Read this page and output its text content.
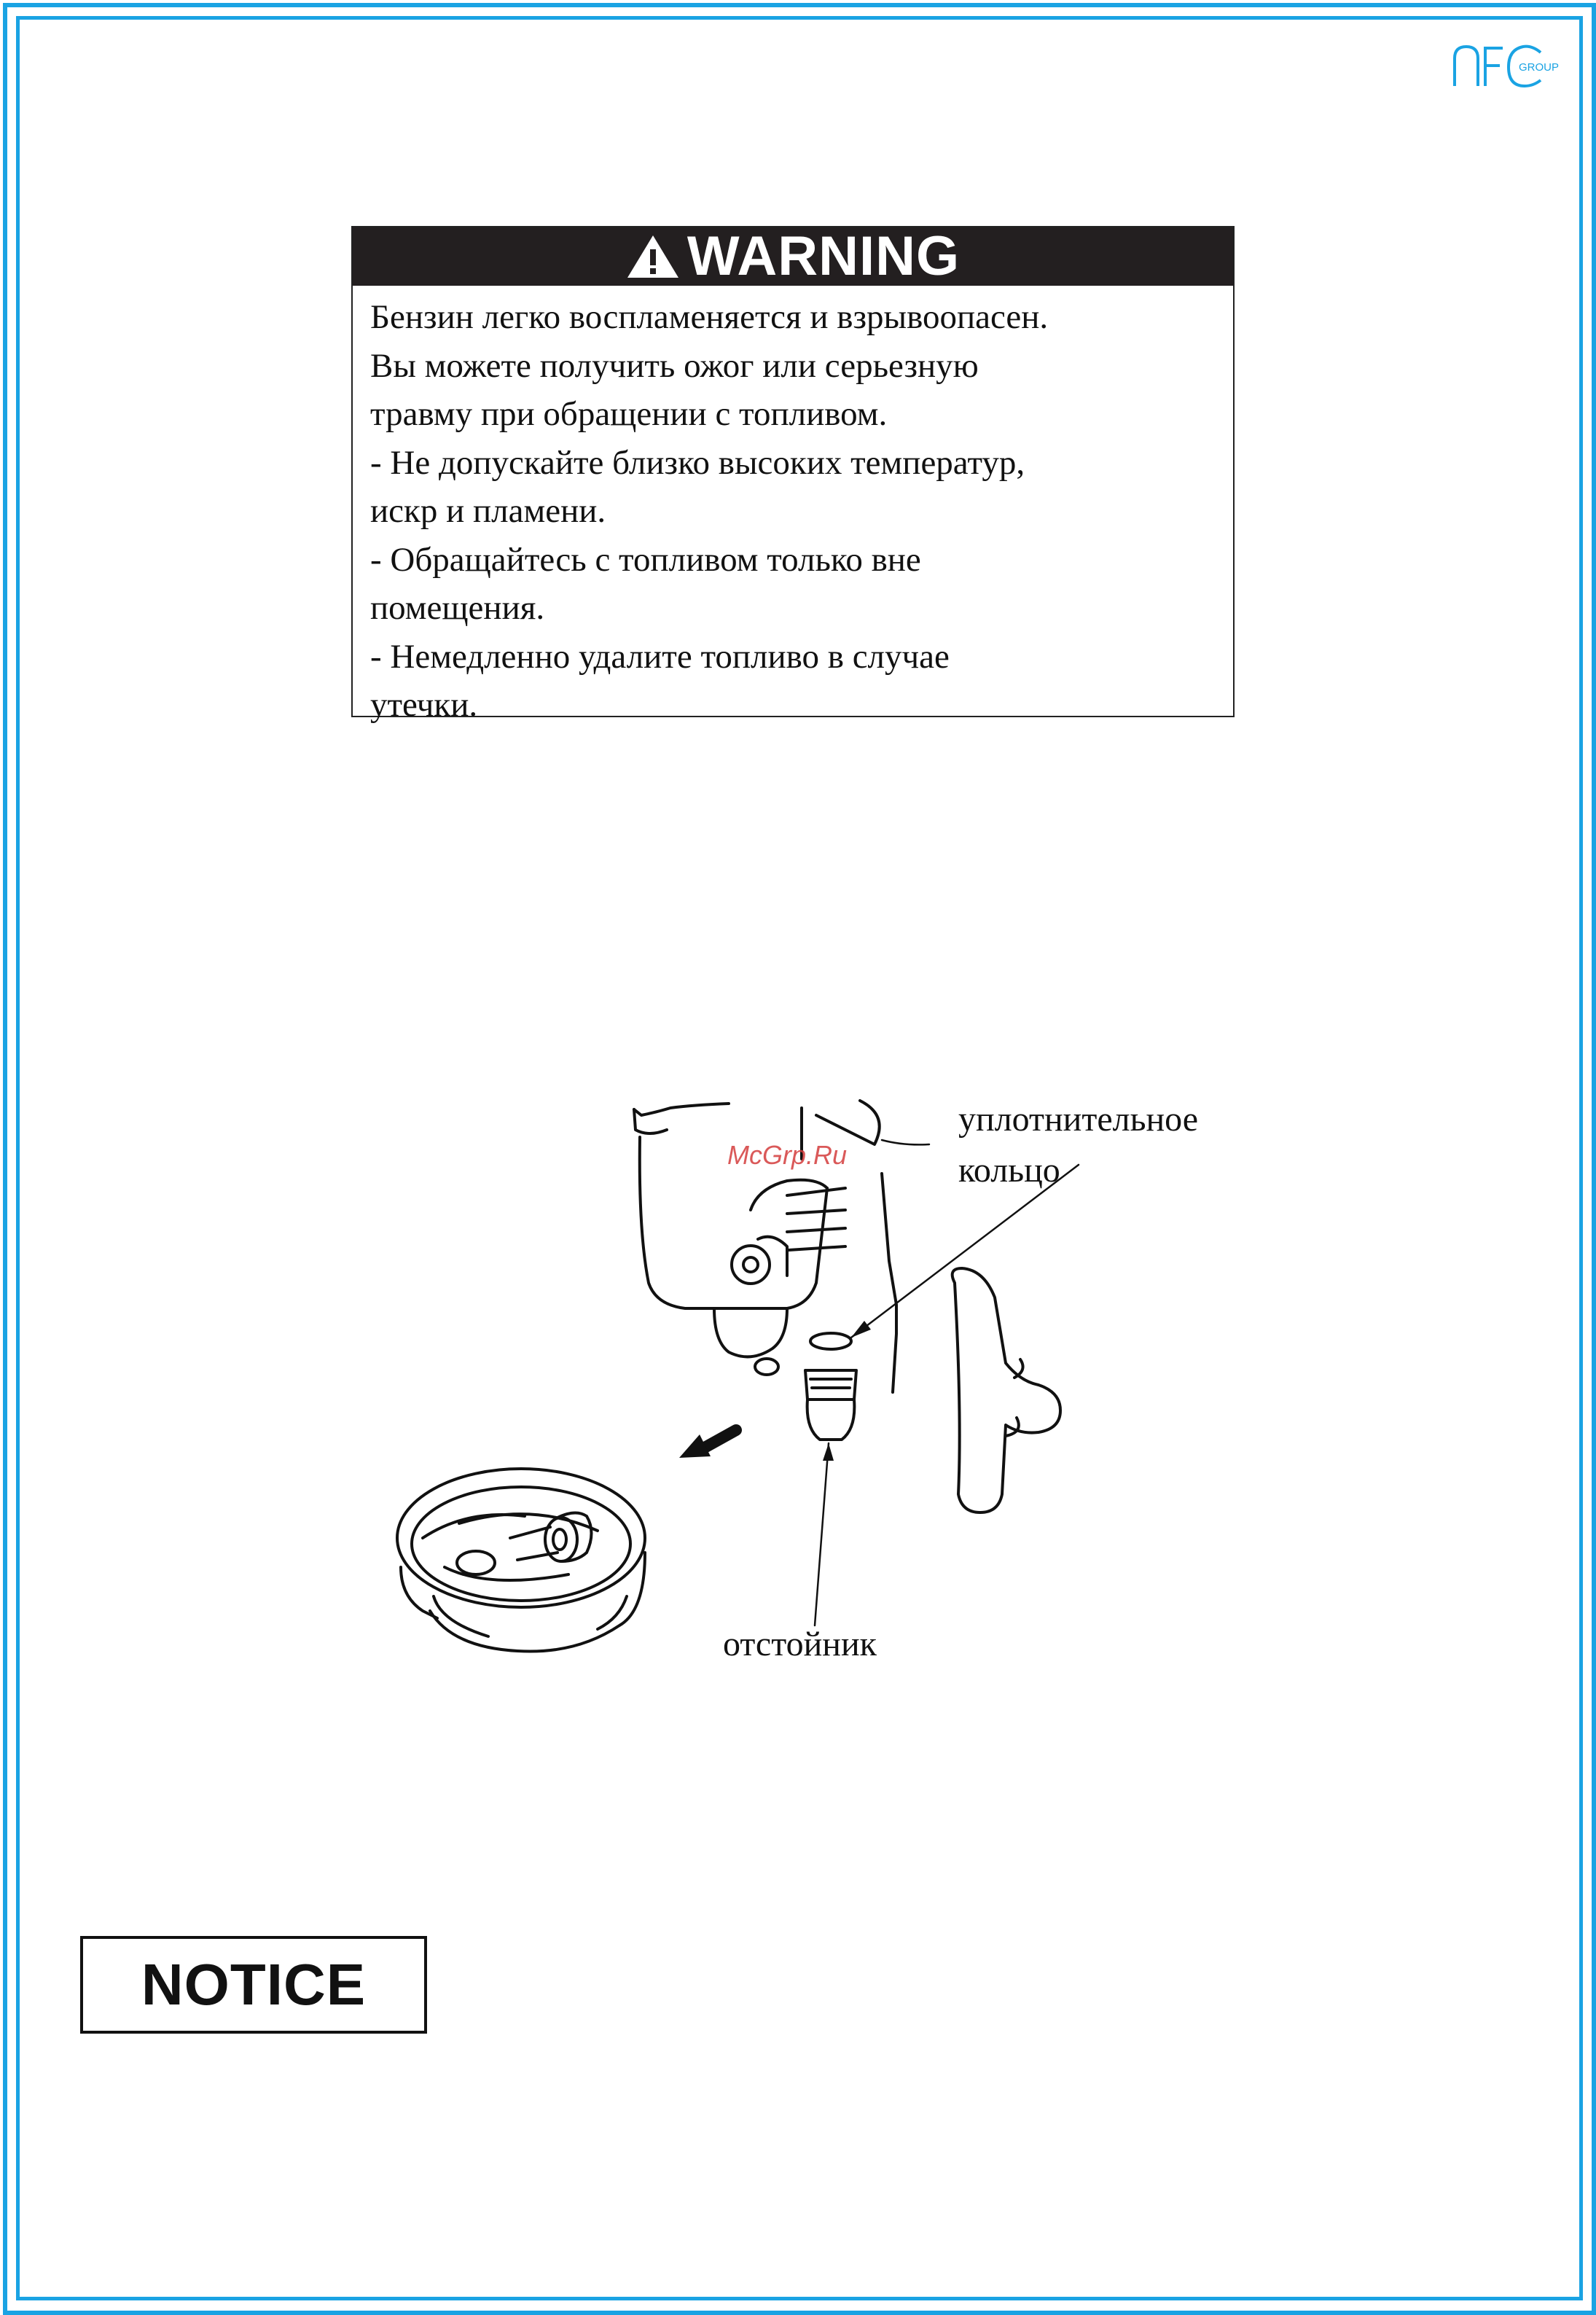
GROUP
WARNING
Бензин легко воспламеняется и взрывоопасен.
Вы можете получить ожог или серьезную
травму при обращении с топливом.
- Не допускайте близко высоких температур,
искр и пламени.
- Обращайтесь с топливом только вне
помещения.
- Немедленно удалите топливо в случае
утечки.
уплотнительное
кольцо
отстойник
McGrp.Ru
NOTICE
